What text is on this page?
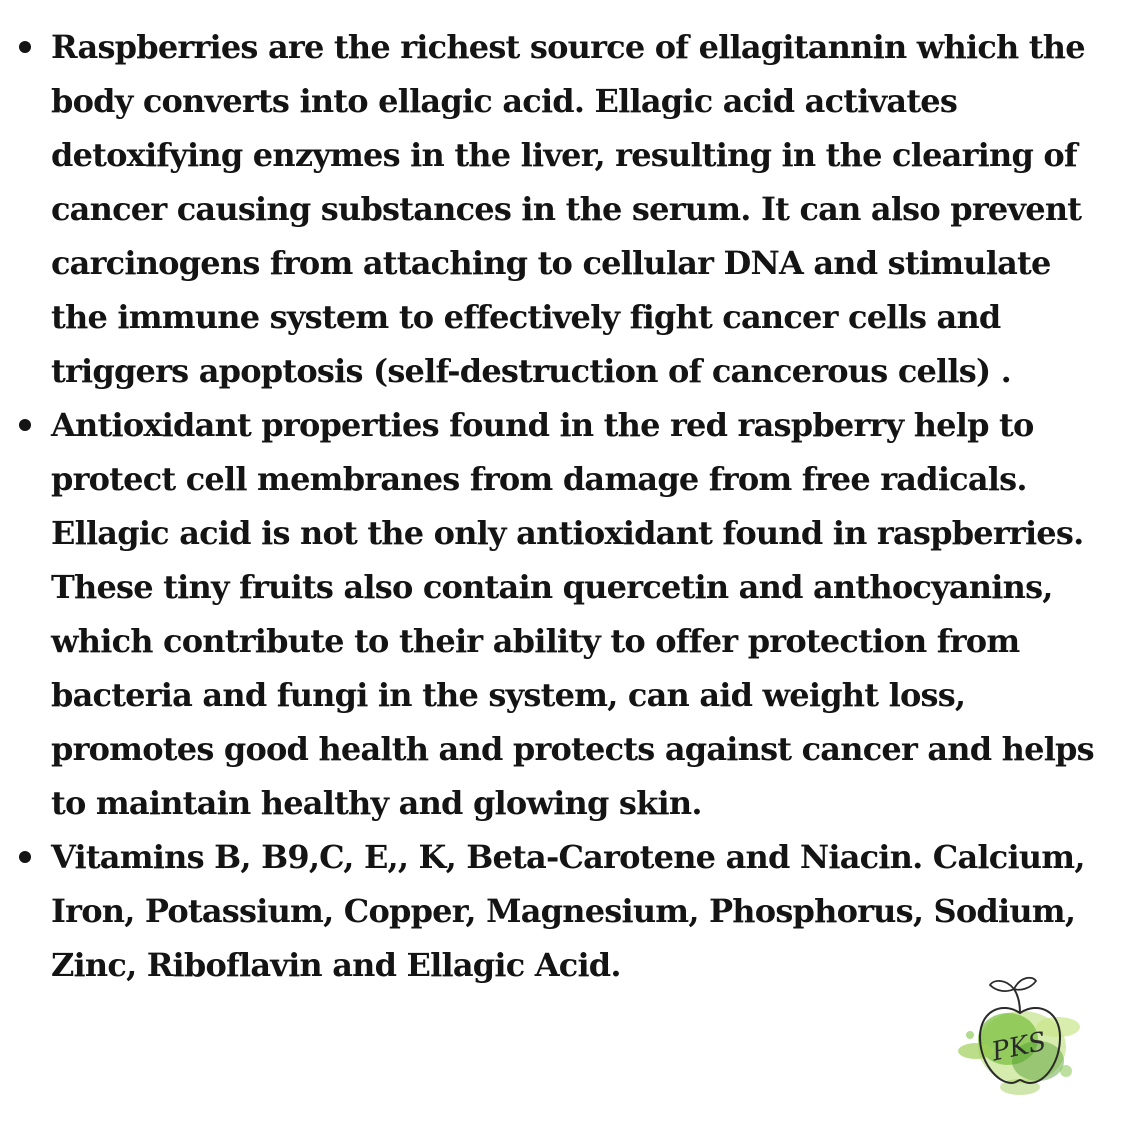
Raspberries are the richest source of ellagitannin which the body converts into ellagic acid. Ellagic acid activates detoxifying enzymes in the liver, resulting in the clearing of cancer causing substances in the serum. It can also prevent carcinogens from attaching to cellular DNA and stimulate the immune system to effectively fight cancer cells and triggers apoptosis (self-destruction of cancerous cells) .
Antioxidant properties found in the red raspberry help to protect cell membranes from damage from free radicals. Ellagic acid is not the only antioxidant found in raspberries. These tiny fruits also contain quercetin and anthocyanins, which contribute to their ability to offer protection from bacteria and fungi in the system, can aid weight loss, promotes good health and protects against cancer and helps to maintain healthy and glowing skin.
Vitamins B, B9,C, E,, K, Beta-Carotene and Niacin. Calcium, Iron, Potassium, Copper, Magnesium, Phosphorus, Sodium, Zinc, Riboflavin and Ellagic Acid.
PKS
